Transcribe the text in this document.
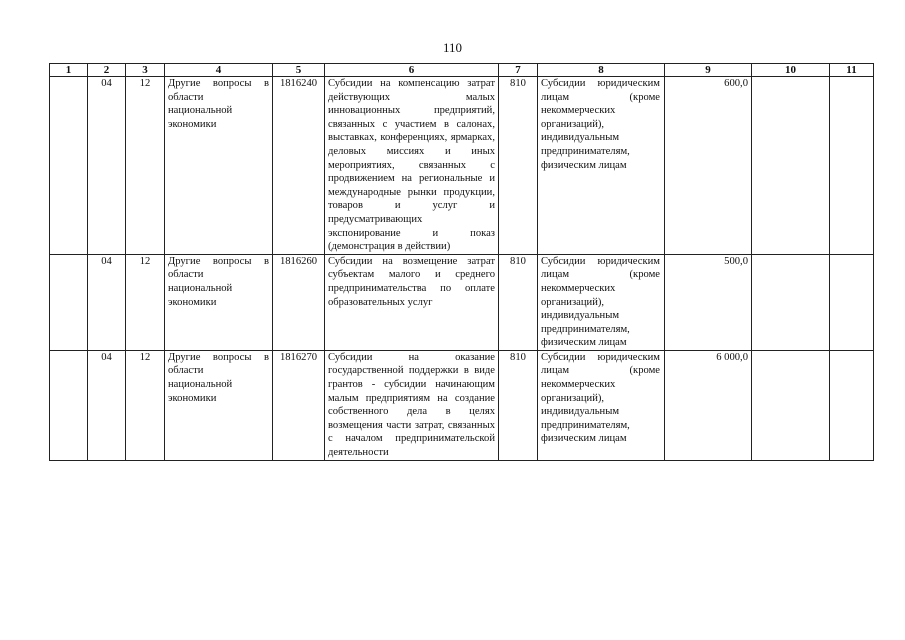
110
1	2	3	4	5	6	7	8	9	10	11
	04	12	Другие вопросы в области национальной экономики	1816240	Субсидии на компенсацию затрат действующих малых инновационных предприятий, связанных с участием в салонах, выставках, конференциях, ярмарках, деловых миссиях и иных мероприятиях, связанных с продвижением на региональные и международные рынки продукции, товаров и услуг и предусматривающих экспонирование и показ (демонстрация в действии)	810	Субсидии юридическим лицам (кроме некоммерческих организаций), индивидуальным предпринимателям, физическим лицам	600,0		
	04	12	Другие вопросы в области национальной экономики	1816260	Субсидии на возмещение затрат субъектам малого и среднего предпринимательства по оплате образовательных услуг	810	Субсидии юридическим лицам (кроме некоммерческих организаций), индивидуальным предпринимателям, физическим лицам	500,0		
	04	12	Другие вопросы в области национальной экономики	1816270	Субсидии на оказание государственной поддержки в виде грантов - субсидии начинающим малым предприятиям на создание собственного дела в целях возмещения части затрат, связанных с началом предпринимательской деятельности	810	Субсидии юридическим лицам (кроме некоммерческих организаций), индивидуальным предпринимателям, физическим лицам	6 000,0		
